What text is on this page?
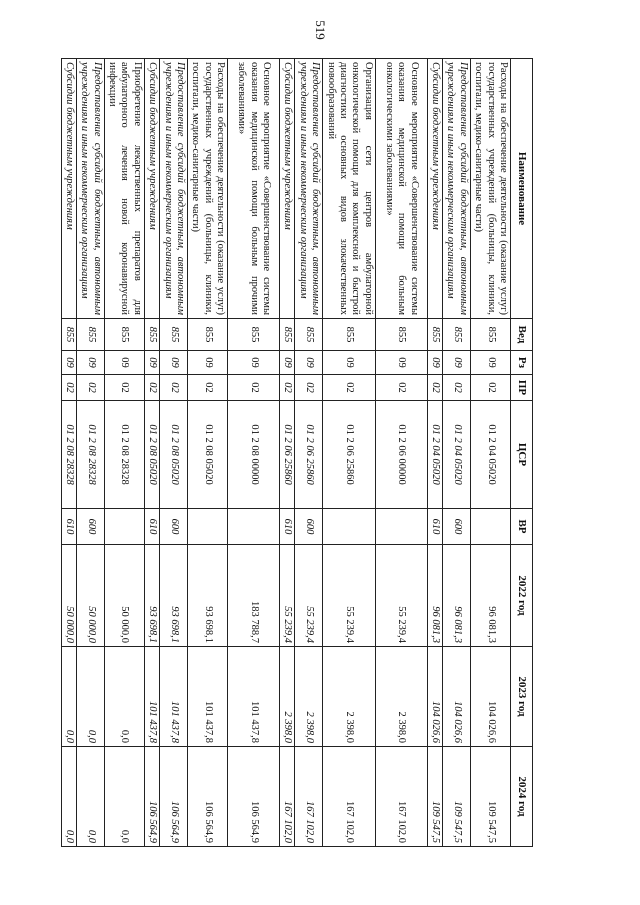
519
Наименование	Вед	Рз	ПР	ЦСР	ВР	2022 год	2023 год	2024 год
Расходы на обеспечение деятельности (оказание услуг) государственных учреждений (больницы, клиники, госпитали, медико-санитарные части)	855	09	02	01 2 04 05020		96 081,3	104 026,6	109 547,5
Предоставление субсидий бюджетным, автономным учреждениям и иным некоммерческим организациям	855	09	02	01 2 04 05020	600	96 081,3	104 026,6	109 547,5
Субсидии бюджетным учреждениям	855	09	02	01 2 04 05020	610	96 081,3	104 026,6	109 547,5
Основное мероприятие «Совершенствование системы оказания медицинской помощи больным онкологическими заболеваниями»	855	09	02	01 2 06 00000		55 239,4	2 398,0	167 102,0
Организация сети центров амбулаторной онкологической помощи для комплексной и быстрой диагностики основных видов злокачественных новообразований	855	09	02	01 2 06 25860		55 239,4	2 398,0	167 102,0
Предоставление субсидий бюджетным, автономным учреждениям и иным некоммерческим организациям	855	09	02	01 2 06 25860	600	55 239,4	2 398,0	167 102,0
Субсидии бюджетным учреждениям	855	09	02	01 2 06 25860	610	55 239,4	2 398,0	167 102,0
Основное мероприятие «Совершенствование системы оказания медицинской помощи больным прочими заболеваниями»	855	09	02	01 2 08 00000		183 788,7	101 437,8	106 564,9
Расходы на обеспечение деятельности (оказание услуг) государственных учреждений (больницы, клиники, госпитали, медико-санитарные части)	855	09	02	01 2 08 05020		93 698,1	101 437,8	106 564,9
Предоставление субсидий бюджетным, автономным учреждениям и иным некоммерческим организациям	855	09	02	01 2 08 05020	600	93 698,1	101 437,8	106 564,9
Субсидии бюджетным учреждениям	855	09	02	01 2 08 05020	610	93 698,1	101 437,8	106 564,9
Приобретение лекарственных препаратов для амбулаторного лечения новой коронавирусной инфекции	855	09	02	01 2 08 28328		50 000,0	0,0	0,0
Предоставление субсидий бюджетным, автономным учреждениям и иным некоммерческим организациям	855	09	02	01 2 08 28328	600	50 000,0	0,0	0,0
Субсидии бюджетным учреждениям	855	09	02	01 2 08 28328	610	50 000,0	0,0	0,0
